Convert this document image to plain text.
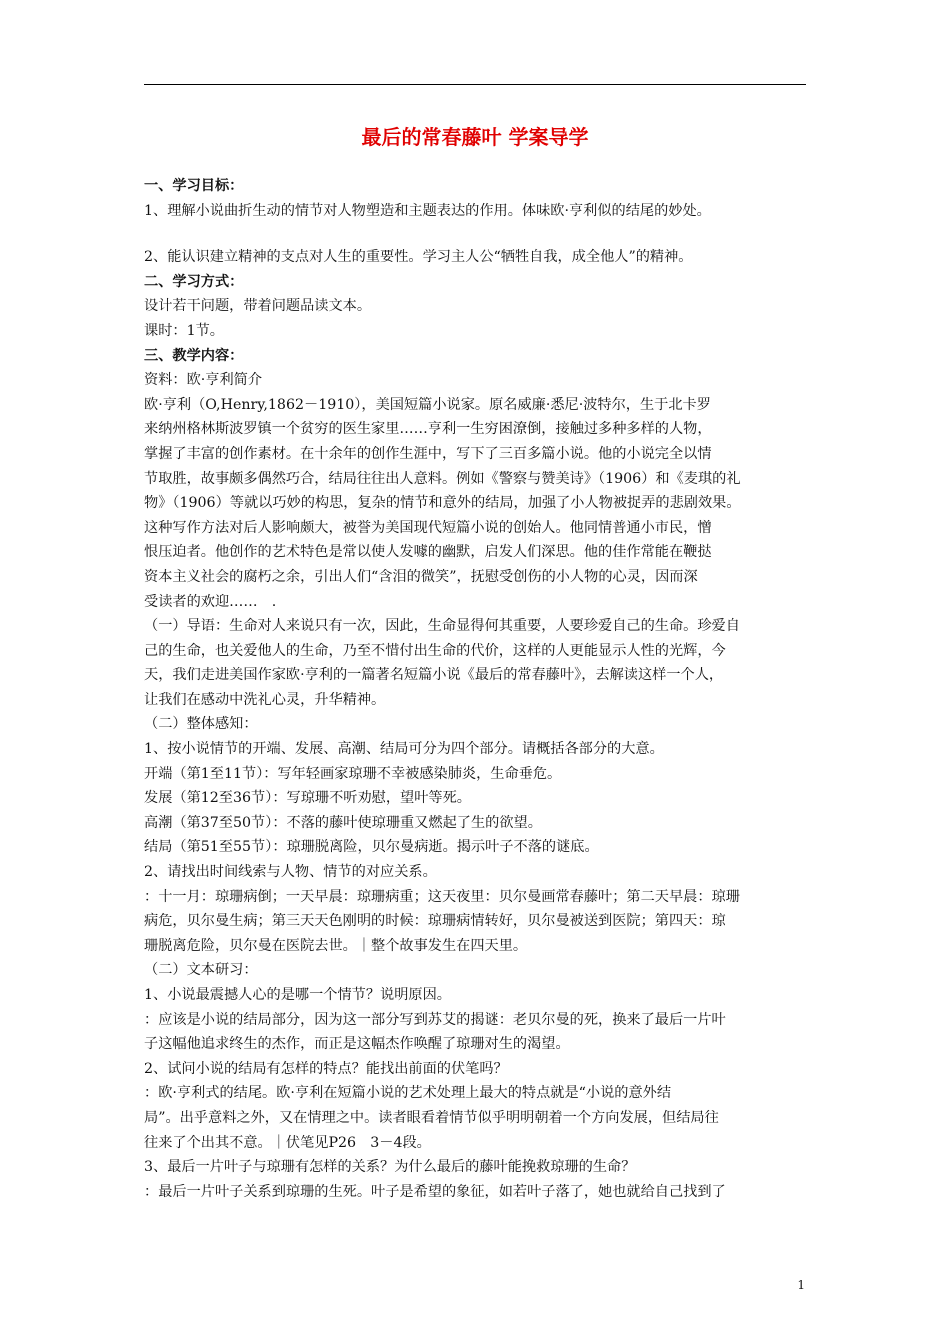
最后的常春藤叶 学案导学

一、学习目标：

1、理解小说曲折生动的情节对人物塑造和主题表达的作用。体味欧·亨利似的结尾的妙处。

2、能认识建立精神的支点对人生的重要性。学习主人公“牺牲自我，成全他人”的精神。

二、学习方式：

设计若干问题，带着问题品读文本。

课时：1节。

三、教学内容：

资料：欧·亨利简介

欧·亨利（O,Henry,1862－1910），美国短篇小说家。原名威廉·悉尼·波特尔，生于北卡罗

来纳州格林斯波罗镇一个贫穷的医生家里……亨利一生穷困潦倒，接触过多种多样的人物，

掌握了丰富的创作素材。在十余年的创作生涯中，写下了三百多篇小说。他的小说完全以情

节取胜，故事颇多偶然巧合，结局往往出人意料。例如《警察与赞美诗》（1906）和《麦琪的礼

物》（1906）等就以巧妙的构思，复杂的情节和意外的结局，加强了小人物被捉弄的悲剧效果。

这种写作方法对后人影响颇大，被誉为美国现代短篇小说的创始人。他同情普通小市民，憎

恨压迫者。他创作的艺术特色是常以使人发噱的幽默，启发人们深思。他的佳作常能在鞭挞

资本主义社会的腐朽之余，引出人们“含泪的微笑”，抚慰受创伤的小人物的心灵，因而深

受读者的欢迎……　.

（一）导语：生命对人来说只有一次，因此，生命显得何其重要，人要珍爱自己的生命。珍爱自

己的生命，也关爱他人的生命，乃至不惜付出生命的代价，这样的人更能显示人性的光辉，今

天，我们走进美国作家欧·亨利的一篇著名短篇小说《最后的常春藤叶》，去解读这样一个人，

让我们在感动中洗礼心灵，升华精神。

（二）整体感知：

1、按小说情节的开端、发展、高潮、结局可分为四个部分。请概括各部分的大意。

开端（第1至11节）：写年轻画家琼珊不幸被感染肺炎，生命垂危。

发展（第12至36节）：写琼珊不听劝慰，望叶等死。

高潮（第37至50节）：不落的藤叶使琼珊重又燃起了生的欲望。

结局（第51至55节）：琼珊脱离险，贝尔曼病逝。揭示叶子不落的谜底。

2、请找出时间线索与人物、情节的对应关系。

：十一月：琼珊病倒；一天早晨：琼珊病重；这天夜里：贝尔曼画常春藤叶；第二天早晨：琼珊

病危，贝尔曼生病；第三天天色刚明的时候：琼珊病情转好，贝尔曼被送到医院；第四天：琼

珊脱离危险，贝尔曼在医院去世。｜整个故事发生在四天里。

（二）文本研习：

1、小说最震撼人心的是哪一个情节？说明原因。

：应该是小说的结局部分，因为这一部分写到苏艾的揭谜：老贝尔曼的死，换来了最后一片叶

子这幅他追求终生的杰作，而正是这幅杰作唤醒了琼珊对生的渴望。

2、试问小说的结局有怎样的特点？能找出前面的伏笔吗？

：欧·亨利式的结尾。欧·亨利在短篇小说的艺术处理上最大的特点就是“小说的意外结

局”。出乎意料之外，又在情理之中。读者眼看着情节似乎明明朝着一个方向发展，但结局往

往来了个出其不意。｜伏笔见P26　3－4段。

3、最后一片叶子与琼珊有怎样的关系？为什么最后的藤叶能挽救琼珊的生命？

：最后一片叶子关系到琼珊的生死。叶子是希望的象征，如若叶子落了，她也就给自己找到了

1
